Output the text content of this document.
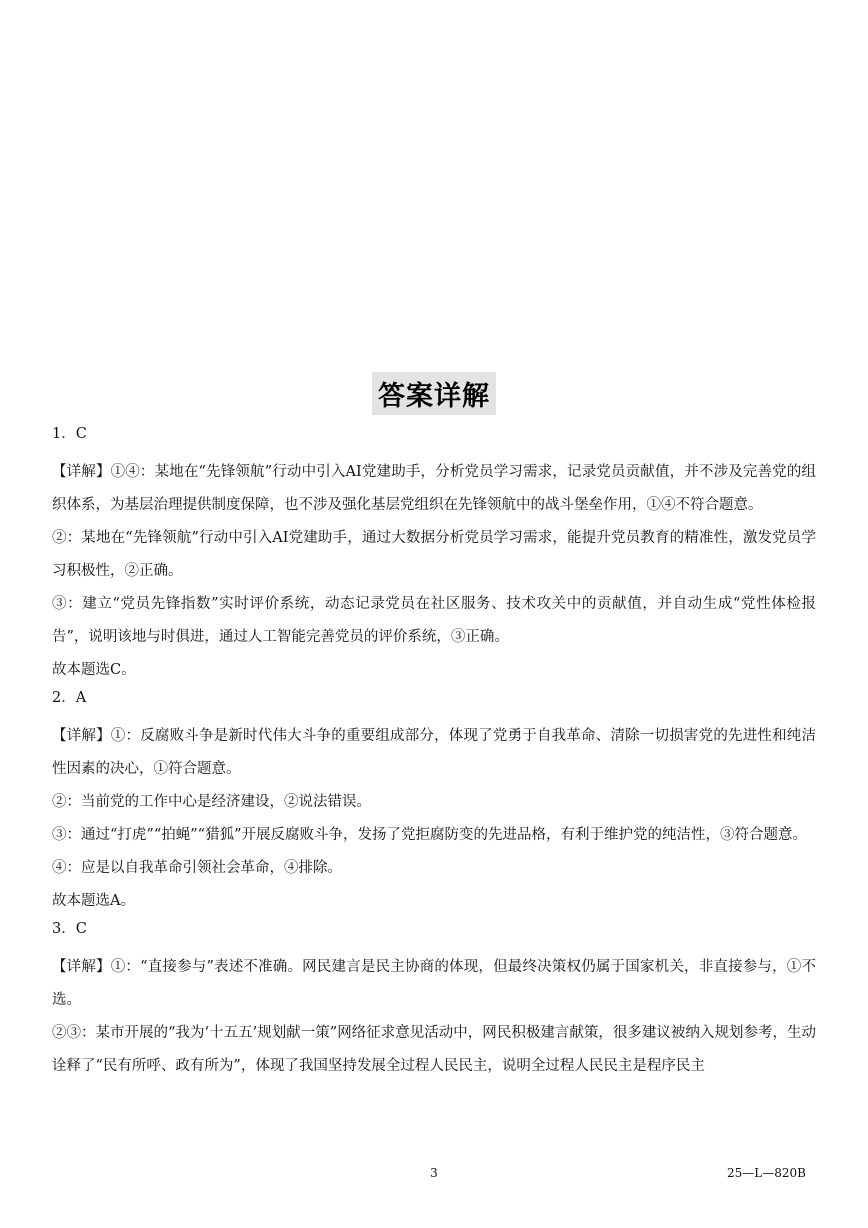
答案详解
1．C

【详解】①④：某地在“先锋领航”行动中引入AI党建助手，分析党员学习需求，记录党员贡献值，并不涉及完善党的组织体系，为基层治理提供制度保障，也不涉及强化基层党组织在先锋领航中的战斗堡垒作用，①④不符合题意。

②：某地在“先锋领航”行动中引入AI党建助手，通过大数据分析党员学习需求，能提升党员教育的精准性，激发党员学习积极性，②正确。

③：建立“党员先锋指数”实时评价系统，动态记录党员在社区服务、技术攻关中的贡献值，并自动生成“党性体检报告”，说明该地与时俱进，通过人工智能完善党员的评价系统，③正确。

故本题选C。

2．A

【详解】①：反腐败斗争是新时代伟大斗争的重要组成部分，体现了党勇于自我革命、清除一切损害党的先进性和纯洁性因素的决心，①符合题意。

②：当前党的工作中心是经济建设，②说法错误。

③：通过“打虎”“拍蝇”“猎狐”开展反腐败斗争，发扬了党拒腐防变的先进品格，有利于维护党的纯洁性，③符合题意。

④：应是以自我革命引领社会革命，④排除。

故本题选A。

3．C

【详解】①：“直接参与”表述不准确。网民建言是民主协商的体现，但最终决策权仍属于国家机关，非直接参与，①不选。

②③：某市开展的“我为‘十五五’规划献一策”网络征求意见活动中，网民积极建言献策，很多建议被纳入规划参考，生动诠释了“民有所呼、政有所为”，体现了我国坚持发展全过程人民民主，说明全过程人民民主是程序民主

3	25—L—820B
